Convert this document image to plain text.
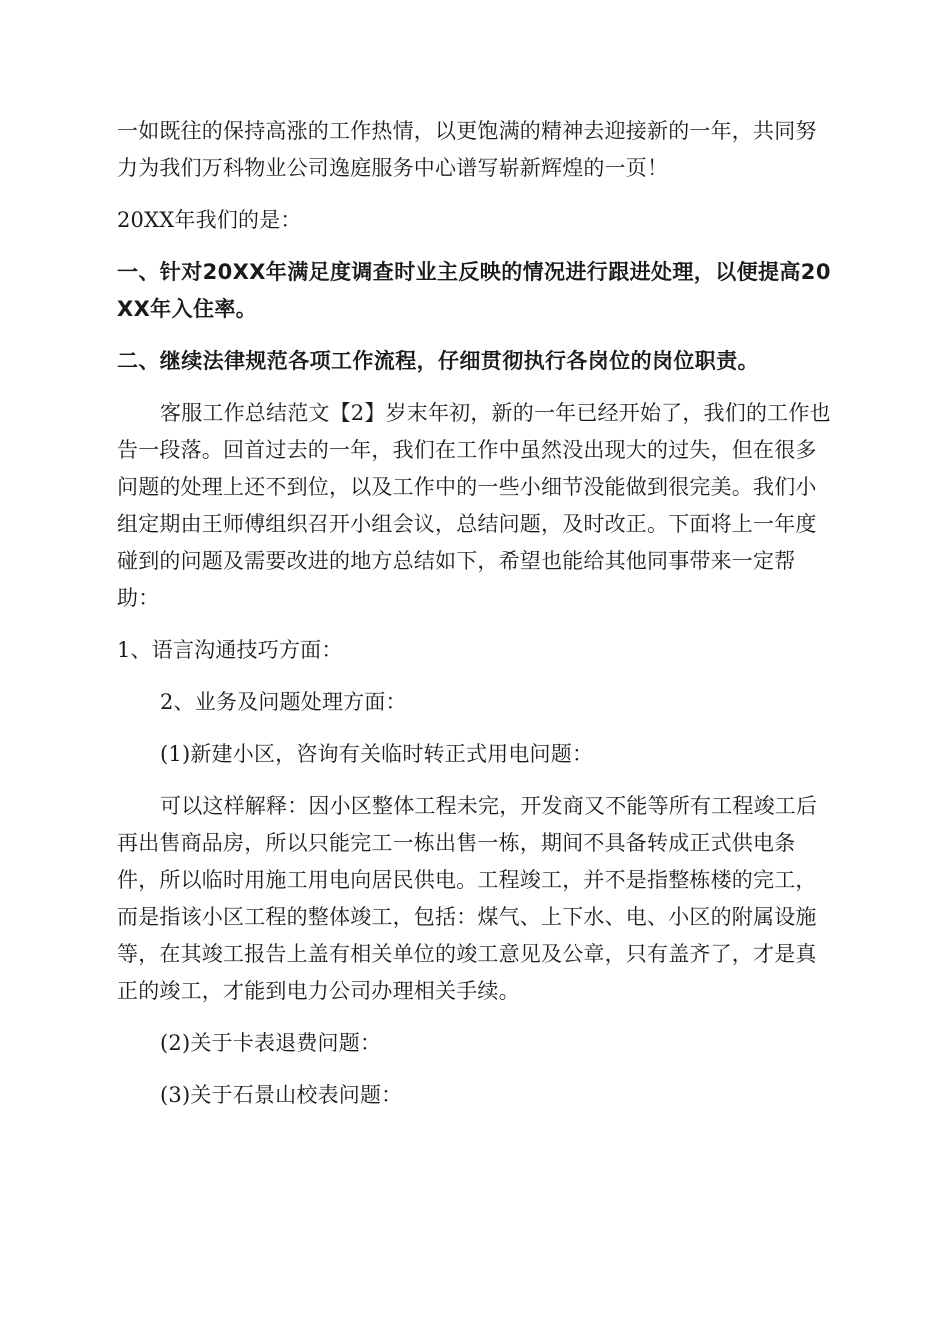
一如既往的保持高涨的工作热情，以更饱满的精神去迎接新的一年，共同努力为我们万科物业公司逸庭服务中心谱写崭新辉煌的一页！

20XX年我们的是：

一、针对20XX年满足度调查时业主反映的情况进行跟进处理，以便提高20XX年入住率。

二、继续法律规范各项工作流程，仔细贯彻执行各岗位的岗位职责。

客服工作总结范文【2】岁末年初，新的一年已经开始了，我们的工作也告一段落。回首过去的一年，我们在工作中虽然没出现大的过失，但在很多问题的处理上还不到位，以及工作中的一些小细节没能做到很完美。我们小组定期由王师傅组织召开小组会议，总结问题，及时改正。下面将上一年度碰到的问题及需要改进的地方总结如下，希望也能给其他同事带来一定帮助：

1、语言沟通技巧方面：

2、业务及问题处理方面：

(1)新建小区，咨询有关临时转正式用电问题：

可以这样解释：因小区整体工程未完，开发商又不能等所有工程竣工后再出售商品房，所以只能完工一栋出售一栋，期间不具备转成正式供电条件，所以临时用施工用电向居民供电。工程竣工，并不是指整栋楼的完工，而是指该小区工程的整体竣工，包括：煤气、上下水、电、小区的附属设施等，在其竣工报告上盖有相关单位的竣工意见及公章，只有盖齐了，才是真正的竣工，才能到电力公司办理相关手续。

(2)关于卡表退费问题：

(3)关于石景山校表问题：
